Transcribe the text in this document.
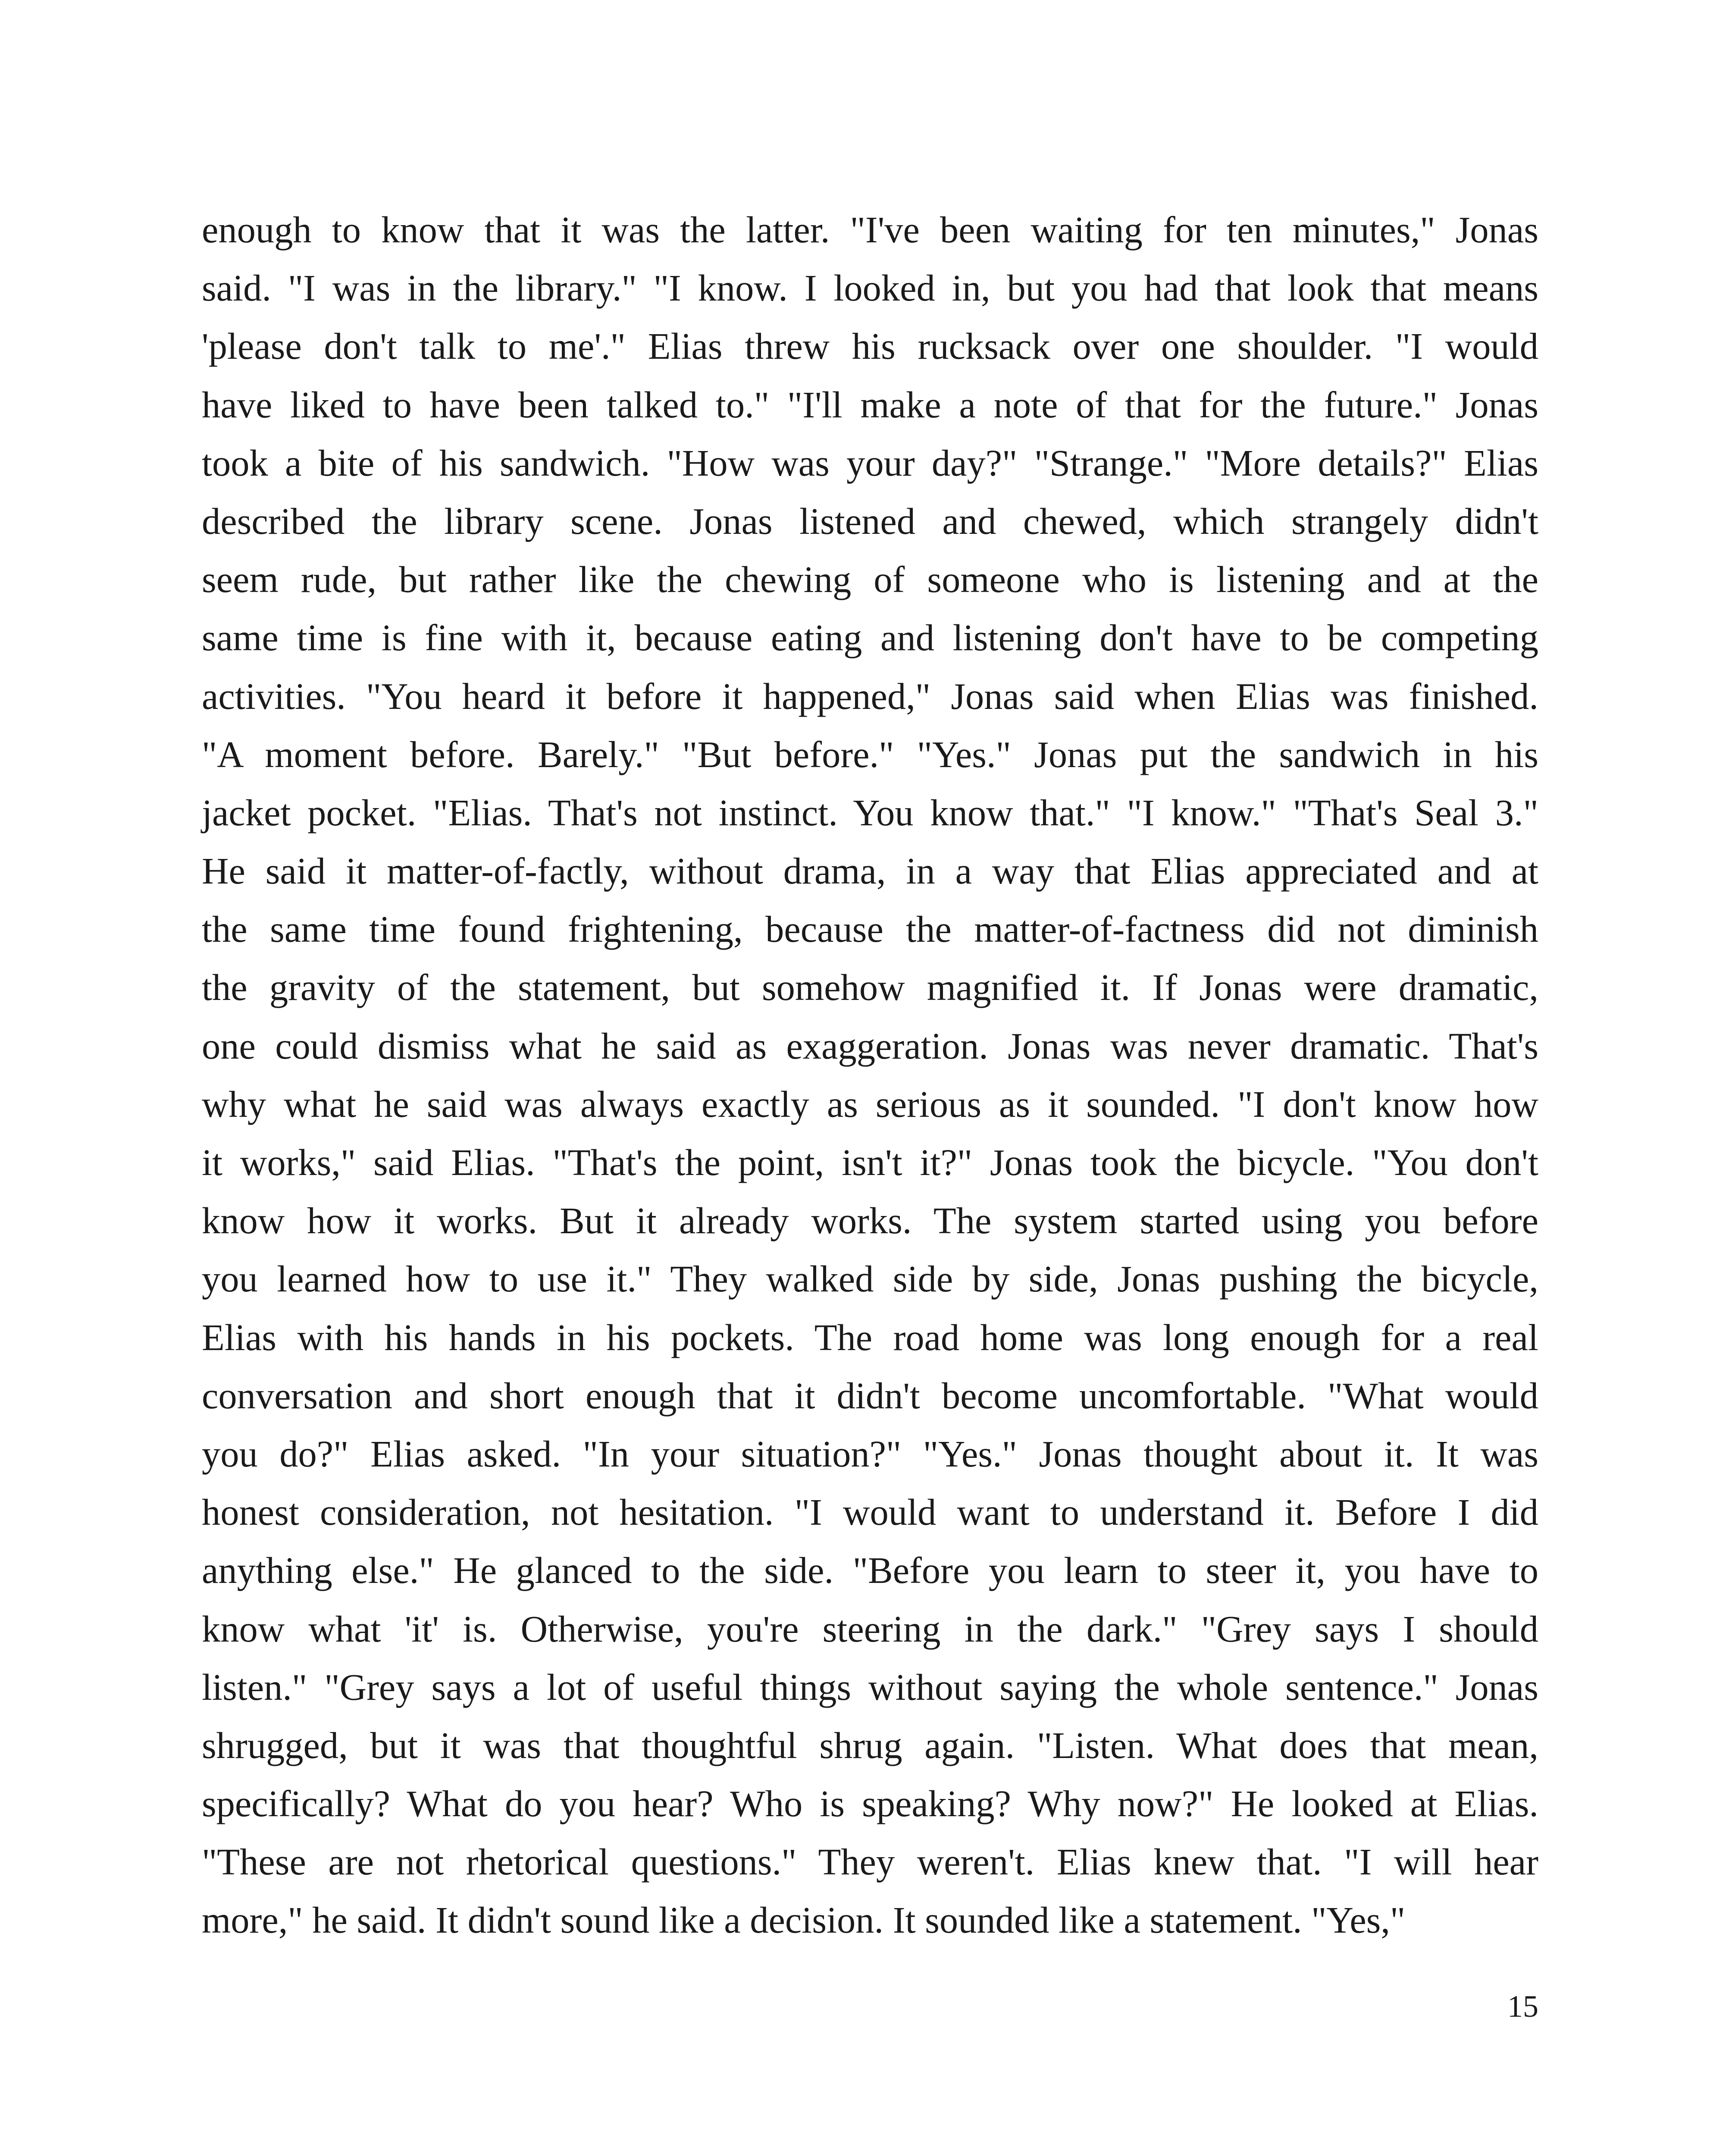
enough to know that it was the latter. "I've been waiting for ten minutes," Jonas
said. "I was in the library." "I know. I looked in, but you had that look that means
'please don't talk to me'." Elias threw his rucksack over one shoulder. "I would
have liked to have been talked to." "I'll make a note of that for the future." Jonas
took a bite of his sandwich. "How was your day?" "Strange." "More details?" Elias
described the library scene. Jonas listened and chewed, which strangely didn't
seem rude, but rather like the chewing of someone who is listening and at the
same time is fine with it, because eating and listening don't have to be competing
activities. "You heard it before it happened," Jonas said when Elias was finished.
"A moment before. Barely." "But before." "Yes." Jonas put the sandwich in his
jacket pocket. "Elias. That's not instinct. You know that." "I know." "That's Seal 3."
He said it matter-of-factly, without drama, in a way that Elias appreciated and at
the same time found frightening, because the matter-of-factness did not diminish
the gravity of the statement, but somehow magnified it. If Jonas were dramatic,
one could dismiss what he said as exaggeration. Jonas was never dramatic. That's
why what he said was always exactly as serious as it sounded. "I don't know how
it works," said Elias. "That's the point, isn't it?" Jonas took the bicycle. "You don't
know how it works. But it already works. The system started using you before
you learned how to use it." They walked side by side, Jonas pushing the bicycle,
Elias with his hands in his pockets. The road home was long enough for a real
conversation and short enough that it didn't become uncomfortable. "What would
you do?" Elias asked. "In your situation?" "Yes." Jonas thought about it. It was
honest consideration, not hesitation. "I would want to understand it. Before I did
anything else." He glanced to the side. "Before you learn to steer it, you have to
know what 'it' is. Otherwise, you're steering in the dark." "Grey says I should
listen." "Grey says a lot of useful things without saying the whole sentence." Jonas
shrugged, but it was that thoughtful shrug again. "Listen. What does that mean,
specifically? What do you hear? Who is speaking? Why now?" He looked at Elias.
"These are not rhetorical questions." They weren't. Elias knew that. "I will hear
more," he said. It didn't sound like a decision. It sounded like a statement. "Yes,"
15
